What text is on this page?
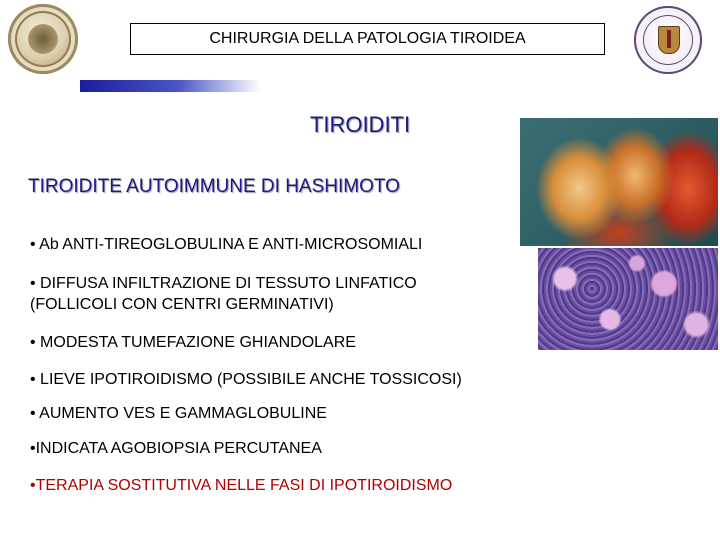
CHIRURGIA DELLA PATOLOGIA TIROIDEA
TIROIDITI
TIROIDITE AUTOIMMUNE DI HASHIMOTO
• Ab ANTI-TIREOGLOBULINA E ANTI-MICROSOMIALI
• DIFFUSA INFILTRAZIONE DI TESSUTO LINFATICO
(FOLLICOLI CON CENTRI GERMINATIVI)
• MODESTA TUMEFAZIONE GHIANDOLARE
• LIEVE IPOTIROIDISMO (POSSIBILE ANCHE TOSSICOSI)
• AUMENTO VES E GAMMAGLOBULINE
•INDICATA AGOBIOPSIA PERCUTANEA
•TERAPIA SOSTITUTIVA NELLE FASI DI IPOTIROIDISMO
